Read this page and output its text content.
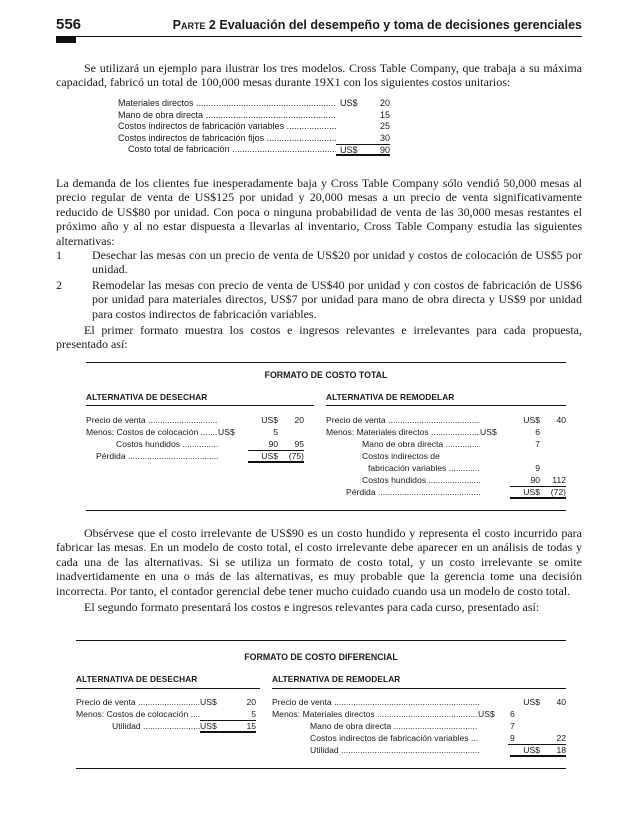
556	Parte 2 Evaluación del desempeño y toma de decisiones gerenciales

Se utilizará un ejemplo para ilustrar los tres modelos. Cross Table Company, que trabaja a su máxima capacidad, fabricó un total de 100,000 mesas durante 19X1 con los siguientes costos unitarios:

Materiales directos .....	US$	20
Mano de obra directa .....	15
Costos indirectos de fabricación variables .....	25
Costos indirectos de fabricación fijos .....	30
Costo total de fabricación .....	US$	90

La demanda de los clientes fue inesperadamente baja y Cross Table Company sólo vendió 50,000 mesas al precio regular de venta de US$125 por unidad y 20,000 mesas a un precio de venta significativamente reducido de US$80 por unidad. Con poca o ninguna probabilidad de venta de las 30,000 mesas restantes el próximo año y al no estar dispuesta a llevarlas al inventario, Cross Table Company estudia las siguientes alternativas:

1	Desechar las mesas con un precio de venta de US$20 por unidad y costos de colocación de US$5 por unidad.
2	Remodelar las mesas con precio de venta de US$40 por unidad y con costos de fabricación de US$6 por unidad para materiales directos, US$7 por unidad para mano de obra directa y US$9 por unidad para costos indirectos de fabricación variables.

El primer formato muestra los costos e ingresos relevantes e irrelevantes para cada propuesta, presentado así:

FORMATO DE COSTO TOTAL
ALTERNATIVA DE DESECHAR	ALTERNATIVA DE REMODELAR
Precio de venta .....	US$	20
Menos: Costos de colocación .....	US$	5
Costos hundidos .....	90	95
Pérdida .....	US$	(75)
Precio de venta .....	US$	40
Menos: Materiales directos .....	US$	6
Mano de obra directa .....	7
Costos indirectos de
fabricación variables .....	9
Costos hundidos .....	90	112
Pérdida .....	US$	(72)

Obsérvese que el costo irrelevante de US$90 es un costo hundido y representa el costo incurrido para fabricar las mesas. En un modelo de costo total, el costo irrelevante debe aparecer en un análisis de todas y cada una de las alternativas. Si se utiliza un formato de costo total, y un costo irrelevante se omite inadvertidamente en una o más de las alternativas, es muy probable que la gerencia tome una decisión incorrecta. Por tanto, el contador gerencial debe tener mucho cuidado cuando usa un modelo de costo total.

El segundo formato presentará los costos e ingresos relevantes para cada curso, presentado así:

FORMATO DE COSTO DIFERENCIAL
ALTERNATIVA DE DESECHAR	ALTERNATIVA DE REMODELAR
Precio de venta .....	US$	20
Menos: Costos de colocación .....	5
Utilidad .....	US$	15
Precio de venta .....	US$	40
Menos: Materiales directos .....	US$	6
Mano de obra directa .....	7
Costos indirectos de fabricación variables .....	9	22
Utilidad .....	US$	18
